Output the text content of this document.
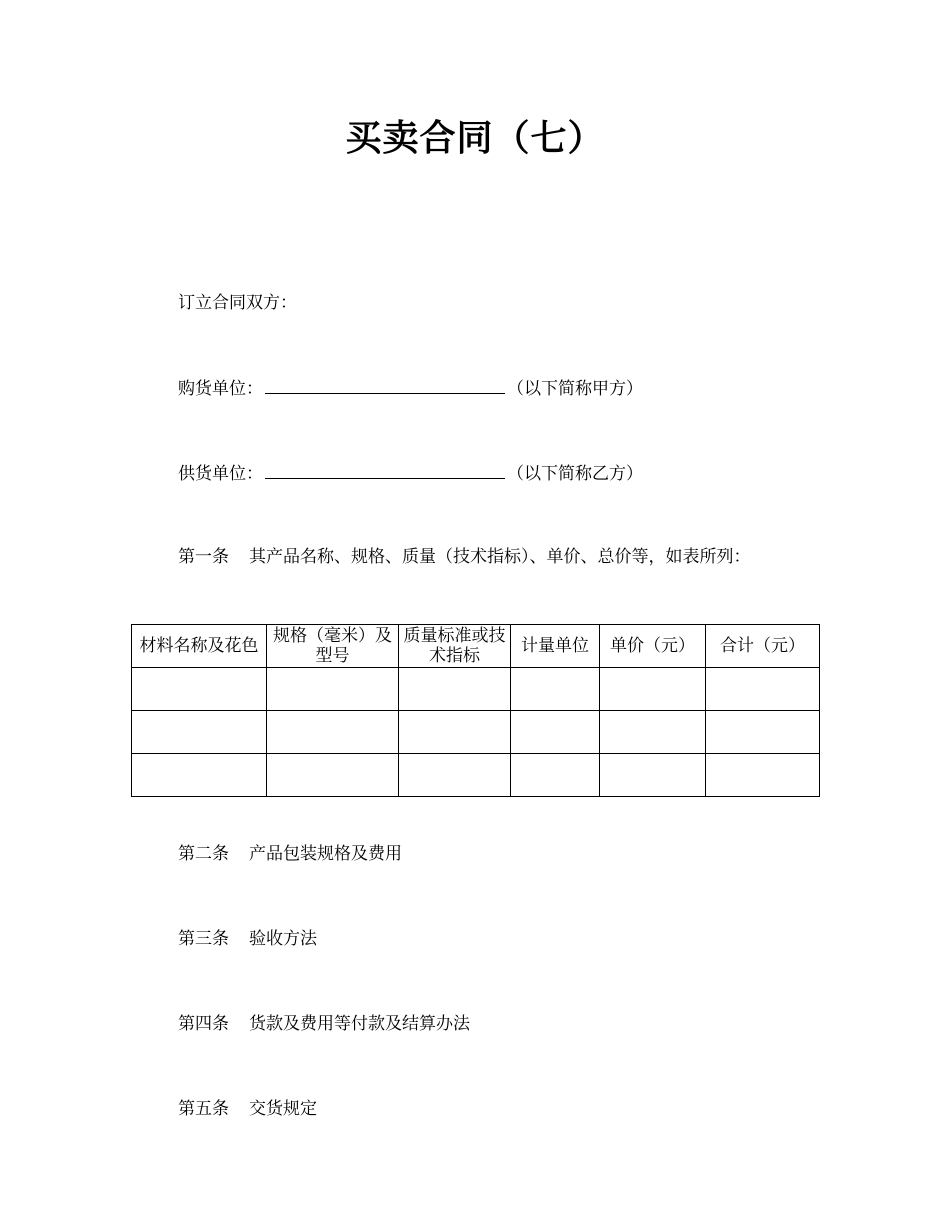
买卖合同（七）
订立合同双方：
购货单位：	（以下简称甲方）
供货单位：	（以下简称乙方）
第一条 其产品名称、规格、质量（技术指标）、单价、总价等，如表所列：
材料名称及花色	规格（毫米）及型号	质量标准或技术指标	计量单位	单价（元）	合计（元）

第二条 产品包装规格及费用
第三条 验收方法
第四条 货款及费用等付款及结算办法
第五条 交货规定
